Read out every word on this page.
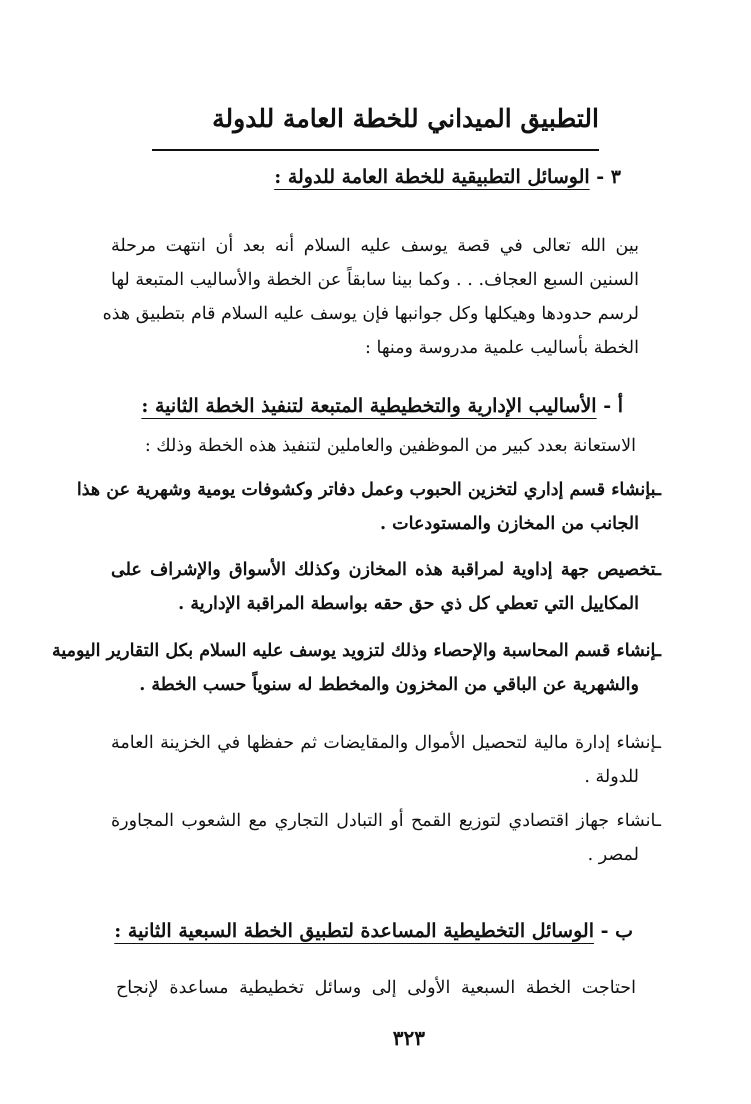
التطبيق الميداني للخطة العامة للدولة
٣ - الوسائل التطبيقية للخطة العامة للدولة :
بين الله تعالى في قصة يوسف عليه السلام أنه بعد أن انتهت مرحلة
السنين السبع العجاف. . . وكما بينا سابقاً عن الخطة والأساليب المتبعة لها
لرسم حدودها وهيكلها وكل جوانبها فإن يوسف عليه السلام قام بتطبيق هذه
الخطة بأساليب علمية مدروسة ومنها :
أ - الأساليب الإدارية والتخطيطية المتبعة لتنفيذ الخطة الثانية :
الاستعانة بعدد كبير من الموظفين والعاملين لتنفيذ هذه الخطة وذلك :
ـبإنشاء قسم إداري لتخزين الحبوب وعمل دفاتر وكشوفات يومية وشهرية عن هذا
الجانب من المخازن والمستودعات .
ـتخصيص جهة إداوية لمراقبة هذه المخازن وكذلك الأسواق والإشراف على
المكاييل التي تعطي كل ذي حق حقه بواسطة المراقبة الإدارية .
ـإنشاء قسم المحاسبة والإحصاء وذلك لتزويد يوسف عليه السلام بكل التقارير اليومية
والشهرية عن الباقي من المخزون والمخطط له سنوياً حسب الخطة .
ـإنشاء إدارة مالية لتحصيل الأموال والمقايضات ثم حفظها في الخزينة العامة
للدولة .
ـانشاء جهاز اقتصادي لتوزيع القمح أو التبادل التجاري مع الشعوب المجاورة
لمصر .
ب - الوسائل التخطيطية المساعدة لتطبيق الخطة السبعية الثانية :
احتاجت الخطة السبعية الأولى إلى وسائل تخطيطية مساعدة لإنجاح
٣٢٣
